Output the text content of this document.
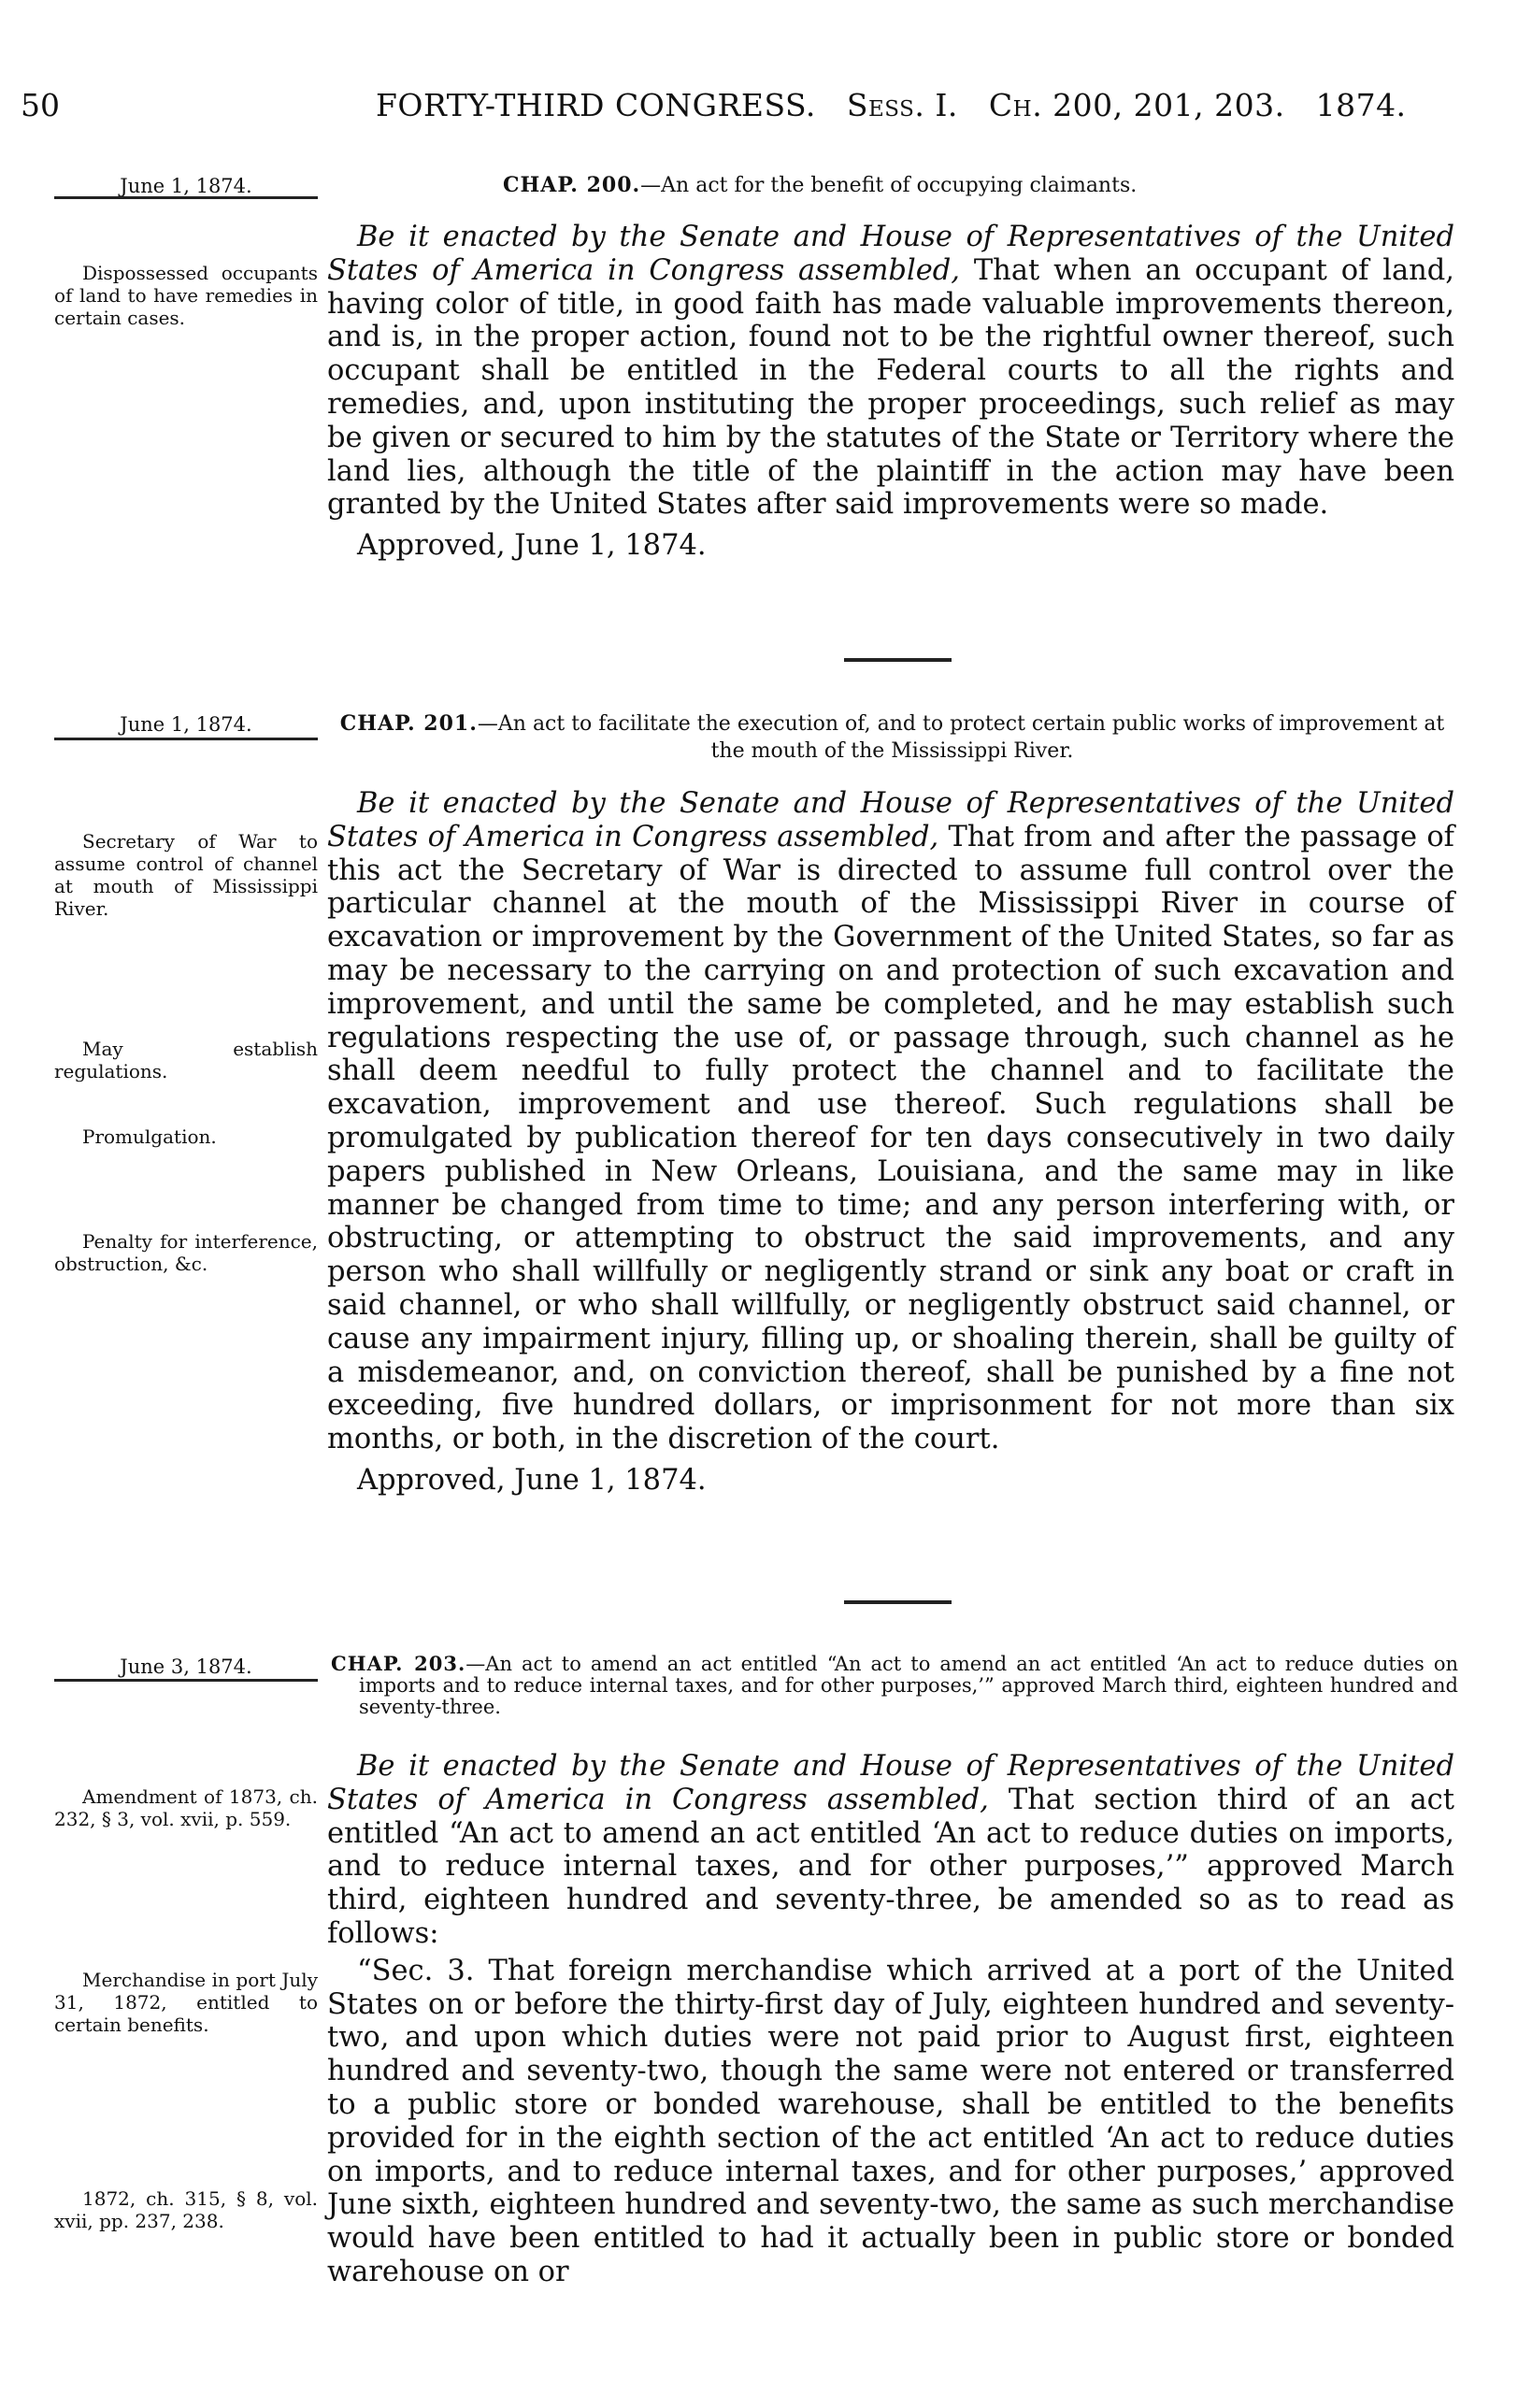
50	FORTY-THIRD CONGRESS. Sess. I. Ch. 200, 201, 203. 1874.
June 1, 1874.	CHAP. 200.—An act for the benefit of occupying claimants.
Dispossessed occupants of land to have remedies in certain cases.

Be it enacted by the Senate and House of Representatives of the United States of America in Congress assembled, That when an occupant of land, having color of title, in good faith has made valuable improvements thereon, and is, in the proper action, found not to be the rightful owner thereof, such occupant shall be entitled in the Federal courts to all the rights and remedies, and, upon instituting the proper proceedings, such relief as may be given or secured to him by the statutes of the State or Territory where the land lies, although the title of the plaintiff in the action may have been granted by the United States after said improvements were so made.

Approved, June 1, 1874.

June 1, 1874.	CHAP. 201.—An act to facilitate the execution of, and to protect certain public works of improvement at the mouth of the Mississippi River.
Secretary of War to assume control of channel at mouth of Mississippi River.
May establish regulations.
Promulgation.
Penalty for interference, obstruction, &c.

Be it enacted by the Senate and House of Representatives of the United States of America in Congress assembled, That from and after the passage of this act the Secretary of War is directed to assume full control over the particular channel at the mouth of the Mississippi River in course of excavation or improvement by the Government of the United States, so far as may be necessary to the carrying on and protection of such excavation and improvement, and until the same be completed, and he may establish such regulations respecting the use of, or passage through, such channel as he shall deem needful to fully protect the channel and to facilitate the excavation, improvement and use thereof. Such regulations shall be promulgated by publication thereof for ten days consecutively in two daily papers published in New Orleans, Louisiana, and the same may in like manner be changed from time to time; and any person interfering with, or obstructing, or attempting to obstruct the said improvements, and any person who shall willfully or negligently strand or sink any boat or craft in said channel, or who shall willfully, or negligently obstruct said channel, or cause any impairment injury, filling up, or shoaling therein, shall be guilty of a misdemeanor, and, on conviction thereof, shall be punished by a fine not exceeding, five hundred dollars, or imprisonment for not more than six months, or both, in the discretion of the court.

Approved, June 1, 1874.

June 3, 1874.	CHAP. 203.—An act to amend an act entitled “An act to amend an act entitled ‘An act to reduce duties on imports and to reduce internal taxes, and for other purposes,’” approved March third, eighteen hundred and seventy-three.
Amendment of 1873, ch. 232, § 3, vol. xvii, p. 559.
Merchandise in port July 31, 1872, entitled to certain benefits.
1872, ch. 315, § 8, vol. xvii, pp. 237, 238.

Be it enacted by the Senate and House of Representatives of the United States of America in Congress assembled, That section third of an act entitled “An act to amend an act entitled ‘An act to reduce duties on imports, and to reduce internal taxes, and for other purposes,’” approved March third, eighteen hundred and seventy-three, be amended so as to read as follows:

“Sec. 3. That foreign merchandise which arrived at a port of the United States on or before the thirty-first day of July, eighteen hundred and seventy-two, and upon which duties were not paid prior to August first, eighteen hundred and seventy-two, though the same were not entered or transferred to a public store or bonded warehouse, shall be entitled to the benefits provided for in the eighth section of the act entitled ‘An act to reduce duties on imports, and to reduce internal taxes, and for other purposes,’ approved June sixth, eighteen hundred and seventy-two, the same as such merchandise would have been entitled to had it actually been in public store or bonded warehouse on or
